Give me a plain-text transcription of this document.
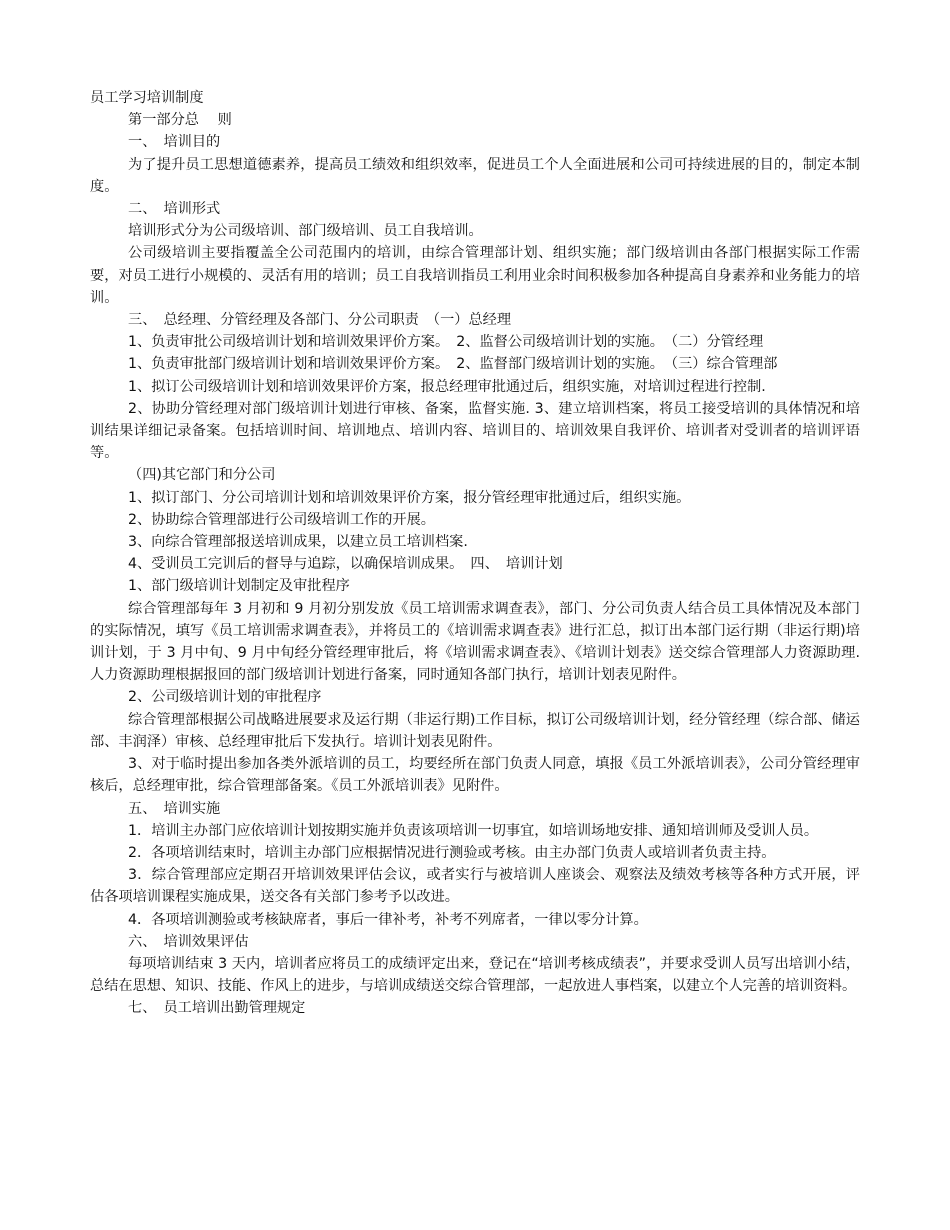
员工学习培训制度

第一部分总　 则

一、　培训目的

为了提升员工思想道德素养，提高员工绩效和组织效率，促进员工个人全面进展和公司可持续进展的目的，制定本制度。

二、　培训形式

培训形式分为公司级培训、部门级培训、员工自我培训。

公司级培训主要指覆盖全公司范围内的培训，由综合管理部计划、组织实施；部门级培训由各部门根据实际工作需要，对员工进行小规模的、灵活有用的培训；员工自我培训指员工利用业余时间积极参加各种提高自身素养和业务能力的培训。

三、　总经理、分管经理及各部门、分公司职责　（一）总经理

1、负责审批公司级培训计划和培训效果评价方案。　2、监督公司级培训计划的实施。　（二）分管经理

1、负责审批部门级培训计划和培训效果评价方案。　2、监督部门级培训计划的实施。　（三）综合管理部

1、拟订公司级培训计划和培训效果评价方案，报总经理审批通过后，组织实施，对培训过程进行控制.

2、协助分管经理对部门级培训计划进行审核、备案，监督实施. 3、建立培训档案，将员工接受培训的具体情况和培训结果详细记录备案。包括培训时间、培训地点、培训内容、培训目的、培训效果自我评价、培训者对受训者的培训评语等。

（四)其它部门和分公司

1、拟订部门、分公司培训计划和培训效果评价方案，报分管经理审批通过后，组织实施。

2、协助综合管理部进行公司级培训工作的开展。

3、向综合管理部报送培训成果，以建立员工培训档案.

4、受训员工完训后的督导与追踪，以确保培训成果。　四、　培训计划

1、部门级培训计划制定及审批程序

综合管理部每年 3 月初和 9 月初分别发放《员工培训需求调查表》，部门、分公司负责人结合员工具体情况及本部门的实际情况，填写《员工培训需求调查表》，并将员工的《培训需求调查表》进行汇总，拟订出本部门运行期（非运行期)培训计划，于 3 月中旬、9 月中旬经分管经理审批后，将《培训需求调查表》、《培训计划表》送交综合管理部人力资源助理.人力资源助理根据报回的部门级培训计划进行备案，同时通知各部门执行，培训计划表见附件。

2、公司级培训计划的审批程序

综合管理部根据公司战略进展要求及运行期（非运行期)工作目标，拟订公司级培训计划，经分管经理（综合部、储运部、丰润泽）审核、总经理审批后下发执行。培训计划表见附件。

3、对于临时提出参加各类外派培训的员工，均要经所在部门负责人同意，填报《员工外派培训表》，公司分管经理审核后，总经理审批，综合管理部备案。《员工外派培训表》见附件。

五、　培训实施

1．培训主办部门应依培训计划按期实施并负责该项培训一切事宜，如培训场地安排、通知培训师及受训人员。

2．各项培训结束时，培训主办部门应根据情况进行测验或考核。由主办部门负责人或培训者负责主持。

3．综合管理部应定期召开培训效果评估会议，或者实行与被培训人座谈会、观察法及绩效考核等各种方式开展，评估各项培训课程实施成果，送交各有关部门参考予以改进。

4．各项培训测验或考核缺席者，事后一律补考，补考不列席者，一律以零分计算。

六、　培训效果评估

每项培训结束 3 天内，培训者应将员工的成绩评定出来，登记在“培训考核成绩表”，并要求受训人员写出培训小结，总结在思想、知识、技能、作风上的进步，与培训成绩送交综合管理部，一起放进人事档案，以建立个人完善的培训资料。

七、　员工培训出勤管理规定
